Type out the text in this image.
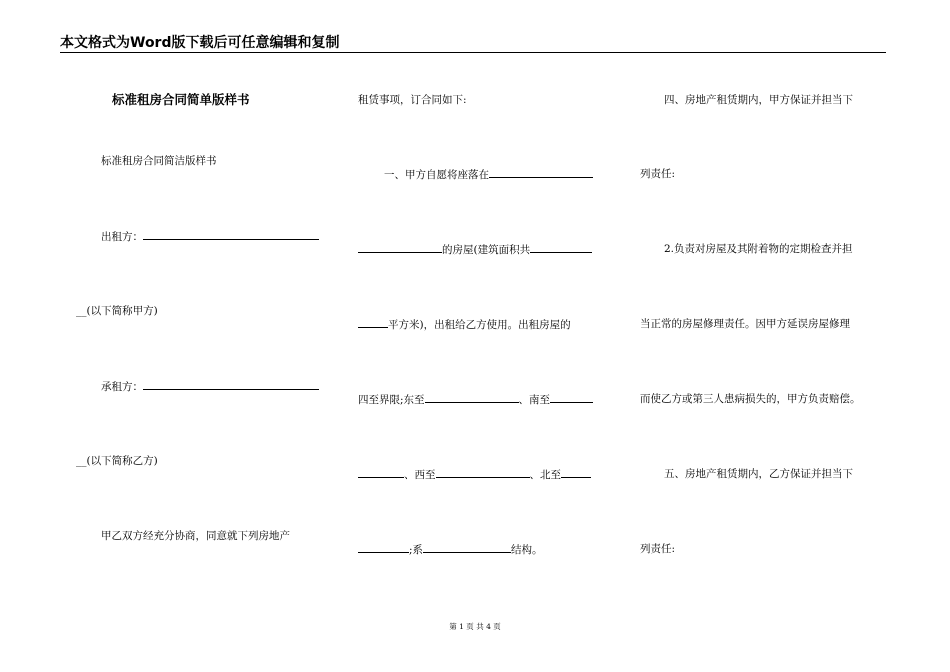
本文格式为Word版下载后可任意编辑和复制
标准租房合同简单版样书
标准租房合同简洁版样书
出租方：
__(以下简称甲方)
承租方：
__(以下简称乙方)
甲乙双方经充分协商，同意就下列房地产
租赁事项，订合同如下:
一、甲方自愿将座落在
的房屋(建筑面积共
平方米)，出租给乙方使用。出租房屋的
四至界限;东至	、南至
、西至	、北至
;系	结构。
四、房地产租赁期内，甲方保证并担当下
列责任:
2.负责对房屋及其附着物的定期检查并担
当正常的房屋修理责任。因甲方延误房屋修理
而使乙方或第三人患病损失的，甲方负责赔偿。
五、房地产租赁期内，乙方保证并担当下
列责任:
第 1 页 共 4 页
